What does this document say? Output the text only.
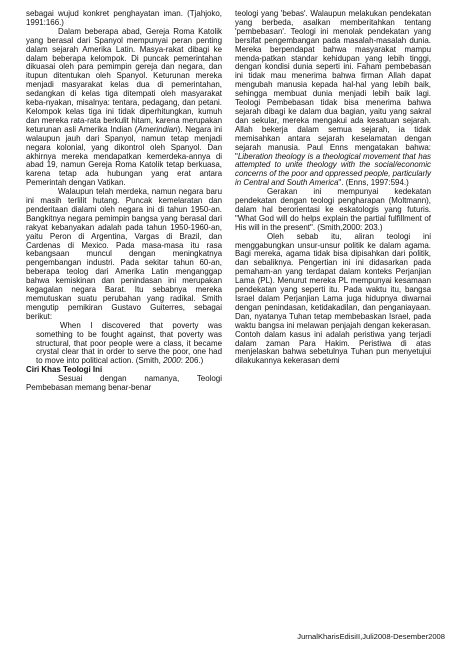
sebagai wujud konkret penghayatan iman. (Tjahjoko, 1991:166.)

Dalam beberapa abad, Gereja Roma Katolik yang berasal dari Spanyol mempunyai peran penting dalam sejarah Amerika Latin. Masya-rakat dibagi ke dalam beberapa kelompok. Di puncak pemerintahan dikuasai oleh para pemimpin gereja dan negara, dan itupun ditentukan oleh Spanyol. Keturunan mereka menjadi masyarakat kelas dua di pemerintahan, sedangkan di kelas tiga ditempati oleh masyarakat keba-nyakan, misalnya: tentara, pedagang, dan petani. Kelompok kelas tiga ini tidak diperhitungkan, kumuh dan mereka rata-rata berkulit hitam, karena merupakan keturunan asli Amerika Indian (Amerindian). Negara ini walaupun jauh dari Spanyol, namun tetap menjadi negara kolonial, yang dikontrol oleh Spanyol. Dan akhirnya mereka mendapatkan kemerdeka-annya di abad 19, namun Gereja Roma Katolik tetap berkuasa, karena tetap ada hubungan yang erat antara Pemerintah dengan Vatikan.

Walaupun telah merdeka, namun negara baru ini masih terlilit hutang. Puncak kemelaratan dan penderitaan dialami oleh negara ini di tahun 1950-an. Bangkitnya negara pemimpin bangsa yang berasal dari rakyat kebanyakan adalah pada tahun 1950-1960-an, yaitu Peron di Argentina, Vargas di Brazil, dan Cardenas di Mexico. Pada masa-masa itu rasa kebangsaan muncul dengan meningkatnya pengembangan industri. Pada sekitar tahun 60-an, beberapa teolog dari Amerika Latin menganggap bahwa kemiskinan dan penindasan ini merupakan kegagalan negara Barat. Itu sebabnya mereka memutuskan suatu perubahan yang radikal. Smith mengutip pemikiran Gustavo Guiterres, sebagai berikut:

When I discovered that poverty was something to be fought against, that poverty was structural, that poor people were a class, it became crystal clear that in order to serve the poor, one had to move into political action. (Smith, 2000: 206.)

Ciri Khas Teologi Ini

Sesuai dengan namanya, Teologi Pembebasan memang benar-benar

teologi yang 'bebas'. Walaupun melakukan pendekatan yang berbeda, asalkan memberitahkan tentang 'pembebasan'. Teologi ini menolak pendekatan yang bersifat pengembangan pada masalah-masalah dunia. Mereka berpendapat bahwa masyarakat mampu menda-patkan standar kehidupan yang lebih tinggi, dengan kondisi dunia seperti ini. Faham pembebasan ini tidak mau menerima bahwa firman Allah dapat mengubah manusia kepada hal-hal yang lebih baik, sehingga membuat dunia menjadi lebih baik lagi. Teologi Pembebasan tidak bisa menerima bahwa sejarah dibagi ke dalam dua bagian, yaitu yang sakral dan sekular, mereka mengakui ada kesatuan sejarah. Allah bekerja dalam semua sejarah, ia tidak memisahkan antara sejarah keselamatan dengan sejarah manusia. Paul Enns mengatakan bahwa: "Liberation theology is a theological movement that has attempted to unite theology with the social/economic concerns of the poor and oppressed people, particularly in Central and South America". (Enns, 1997:594.)

Gerakan ini mempunyai kedekatan pendekatan dengan teologi pengharapan (Moltmann), dalam hal berorientasi ke eskatologis yang futuris. "What God will do helps explain the partial fulfillment of His will in the present". (Smith,2000: 203.)

Oleh sebab itu, aliran teologi ini menggabungkan unsur-unsur politik ke dalam agama. Bagi mereka, agama tidak bisa dipisahkan dari politik, dan sebaliknya. Pengertian ini ini didasarkan pada pemaham-an yang terdapat dalam konteks Perjanjian Lama (PL). Menurut mereka PL mempunyai kesamaan pendekatan yang seperti itu. Pada waktu itu, bangsa Israel dalam Perjanjian Lama juga hidupnya diwarnai dengan penindasan, ketidakadilan, dan penganiayaan. Dan, nyatanya Tuhan tetap membebaskan Israel, pada waktu bangsa ini melawan penjajah dengan kekerasan. Contoh dalam kasus ini adalah peristiwa yang terjadi dalam zaman Para Hakim. Peristiwa di atas menjelaskan bahwa sebetulnya Tuhan pun menyetujui dilakukannya kekerasan demi

JurnalKharisEdisiII,Juli2008-Desember2008
